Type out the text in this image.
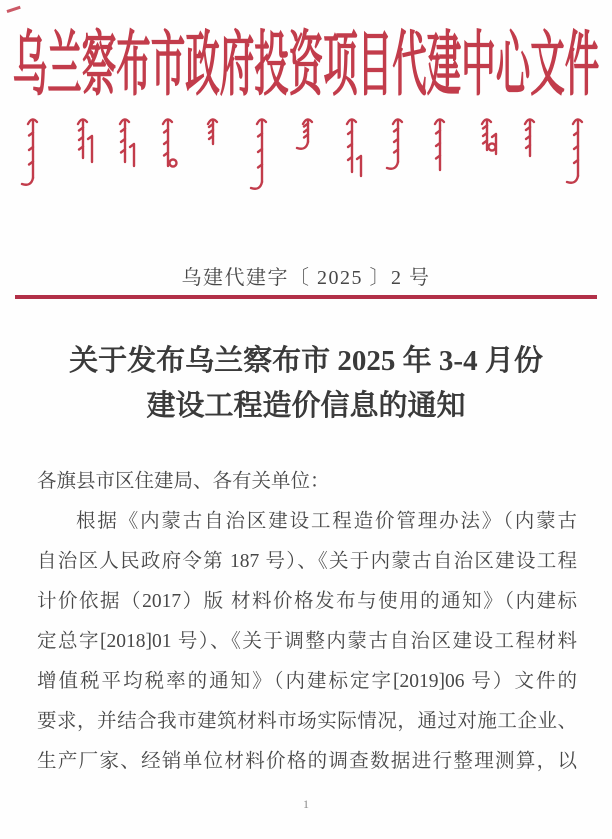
乌兰察布市政府投资项目代建中心文件
乌建代建字〔 2025 〕2 号
关于发布乌兰察布市 2025 年 3-4 月份
建设工程造价信息的通知
各旗县市区住建局、各有关单位：
根据《内蒙古自治区建设工程造价管理办法》（内蒙古
自治区人民政府令第 187 号）、《关于内蒙古自治区建设工程
计价依据（2017）版 材料价格发布与使用的通知》（内建标
定总字[2018]01 号）、《关于调整内蒙古自治区建设工程材料
增值税平均税率的通知》（内建标定字[2019]06 号）文件的
要求，并结合我市建筑材料市场实际情况，通过对施工企业、
生产厂家、经销单位材料价格的调查数据进行整理测算，以
1
